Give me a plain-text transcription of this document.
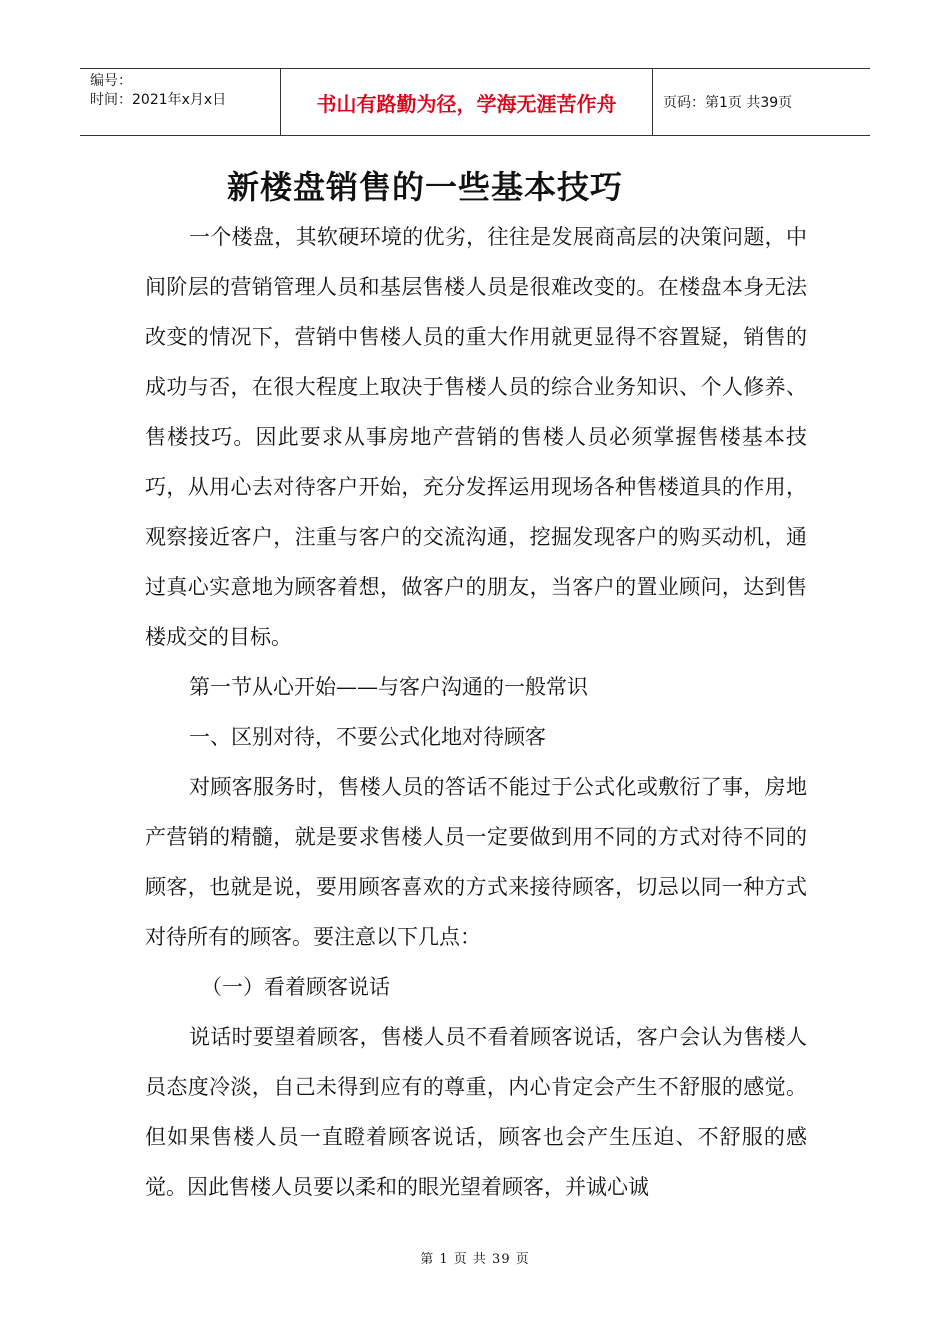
编号：
时间：2021年x月x日	书山有路勤为径，学海无涯苦作舟	页码：第1页 共39页
新楼盘销售的一些基本技巧

一个楼盘，其软硬环境的优劣，往往是发展商高层的决策问题，中间阶层的营销管理人员和基层售楼人员是很难改变的。在楼盘本身无法改变的情况下，营销中售楼人员的重大作用就更显得不容置疑，销售的成功与否，在很大程度上取决于售楼人员的综合业务知识、个人修养、售楼技巧。因此要求从事房地产营销的售楼人员必须掌握售楼基本技巧，从用心去对待客户开始，充分发挥运用现场各种售楼道具的作用，观察接近客户，注重与客户的交流沟通，挖掘发现客户的购买动机，通过真心实意地为顾客着想，做客户的朋友，当客户的置业顾问，达到售楼成交的目标。

第一节从心开始——与客户沟通的一般常识

一、区别对待，不要公式化地对待顾客

对顾客服务时，售楼人员的答话不能过于公式化或敷衍了事，房地产营销的精髓，就是要求售楼人员一定要做到用不同的方式对待不同的顾客，也就是说，要用顾客喜欢的方式来接待顾客，切忌以同一种方式对待所有的顾客。要注意以下几点：

（一）看着顾客说话

说话时要望着顾客，售楼人员不看着顾客说话，客户会认为售楼人员态度冷淡，自己未得到应有的尊重，内心肯定会产生不舒服的感觉。但如果售楼人员一直瞪着顾客说话，顾客也会产生压迫、不舒服的感觉。因此售楼人员要以柔和的眼光望着顾客，并诚心诚

第 1 页 共 39 页
